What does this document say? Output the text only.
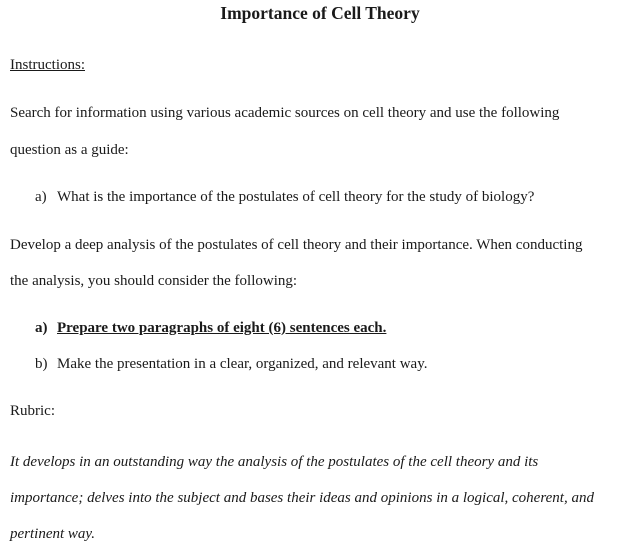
Importance of Cell Theory
Instructions:
Search for information using various academic sources on cell theory and use the following
question as a guide:
a) What is the importance of the postulates of cell theory for the study of biology?
Develop a deep analysis of the postulates of cell theory and their importance. When conducting
the analysis, you should consider the following:
a) Prepare two paragraphs of eight (6) sentences each.
b) Make the presentation in a clear, organized, and relevant way.
Rubric:
It develops in an outstanding way the analysis of the postulates of the cell theory and its
importance; delves into the subject and bases their ideas and opinions in a logical, coherent, and
pertinent way.
